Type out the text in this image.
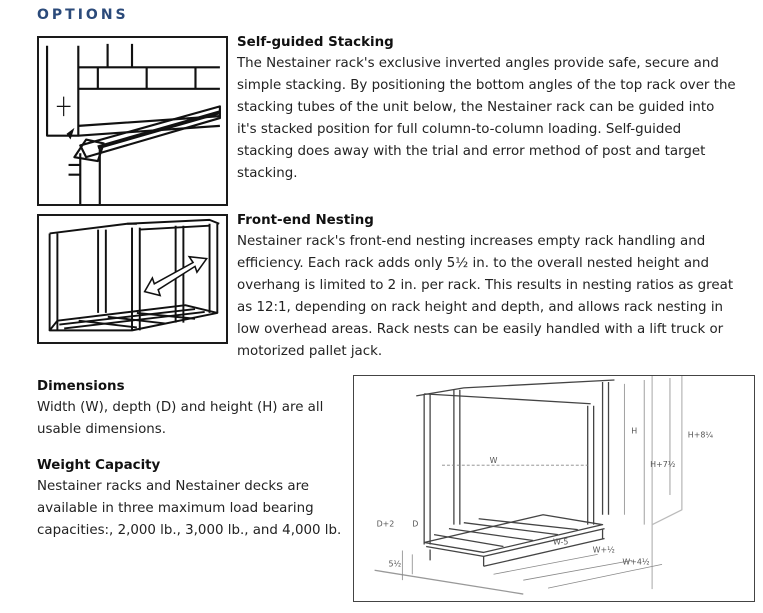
OPTIONS
Self-guided Stacking

The Nestainer rack's exclusive inverted angles provide safe, secure and simple stacking. By positioning the bottom angles of the top rack over the stacking tubes of the unit below, the Nestainer rack can be guided into it's stacked position for full column-to-column loading. Self-guided stacking does away with the trial and error method of post and target stacking.

Front-end Nesting

Nestainer rack's front-end nesting increases empty rack handling and efficiency. Each rack adds only 5½ in. to the overall nested height and overhang is limited to 2 in. per rack. This results in nesting ratios as great as 12:1, depending on rack height and depth, and allows rack nesting in low overhead areas. Rack nests can be easily handled with a lift truck or motorized pallet jack.

Dimensions

Width (W), depth (D) and height (H) are all usable dimensions.

Weight Capacity

Nestainer racks and Nestainer decks are available in three maximum load bearing capacities:, 2,000 lb., 3,000 lb., and 4,000 lb.

H	H+8¼
H+7½
W
D+2 D
W-5
W+½
W+4½
5½
